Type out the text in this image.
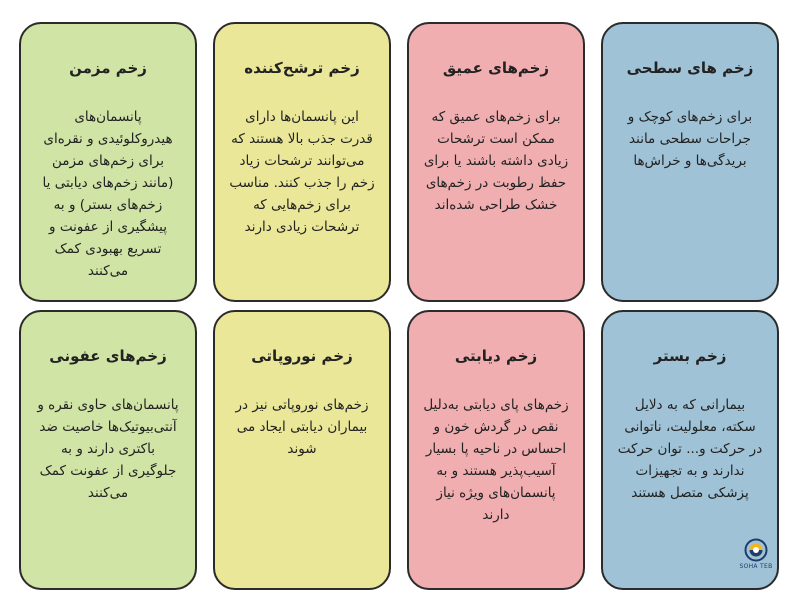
زخم های سطحی
برای زخم‌های کوچک و جراحات سطحی مانند بریدگی‌ها و خراش‌ها
زخم‌های عمیق
برای زخم‌های عمیق که ممکن است ترشحات زیادی داشته باشند یا برای حفظ رطوبت در زخم‌های خشک طراحی شده‌اند
زخم ترشح‌کننده
این پانسمان‌ها دارای قدرت جذب بالا هستند که می‌توانند ترشحات زیاد زخم را جذب کنند. مناسب برای زخم‌هایی که ترشحات زیادی دارند
زخم مزمن
پانسمان‌های هیدروکلوئیدی و نقره‌ای برای زخم‌های مزمن (مانند زخم‌های دیابتی یا زخم‌های بستر) و به پیشگیری از عفونت و تسریع بهبودی کمک می‌کنند
زخم بستر
بیمارانی که به دلایل سکته، معلولیت، ناتوانی در حرکت و... توان حرکت ندارند و به تجهیزات پزشکی متصل هستند
زخم دیابتی
زخم‌های پای دیابتی به‌دلیل نقص در گردش خون و احساس در ناحیه پا بسیار آسیب‌پذیر هستند و به پانسمان‌های ویژه نیاز دارند
زخم نوروپاتی
زخم‌های نوروپاتی نیز در بیماران دیابتی ایجاد می شوند
زخم‌های عفونی
پانسمان‌های حاوی نقره و آنتی‌بیوتیک‌ها خاصیت ضد باکتری دارند و به جلوگیری از عفونت کمک می‌کنند
SOHA TEB
